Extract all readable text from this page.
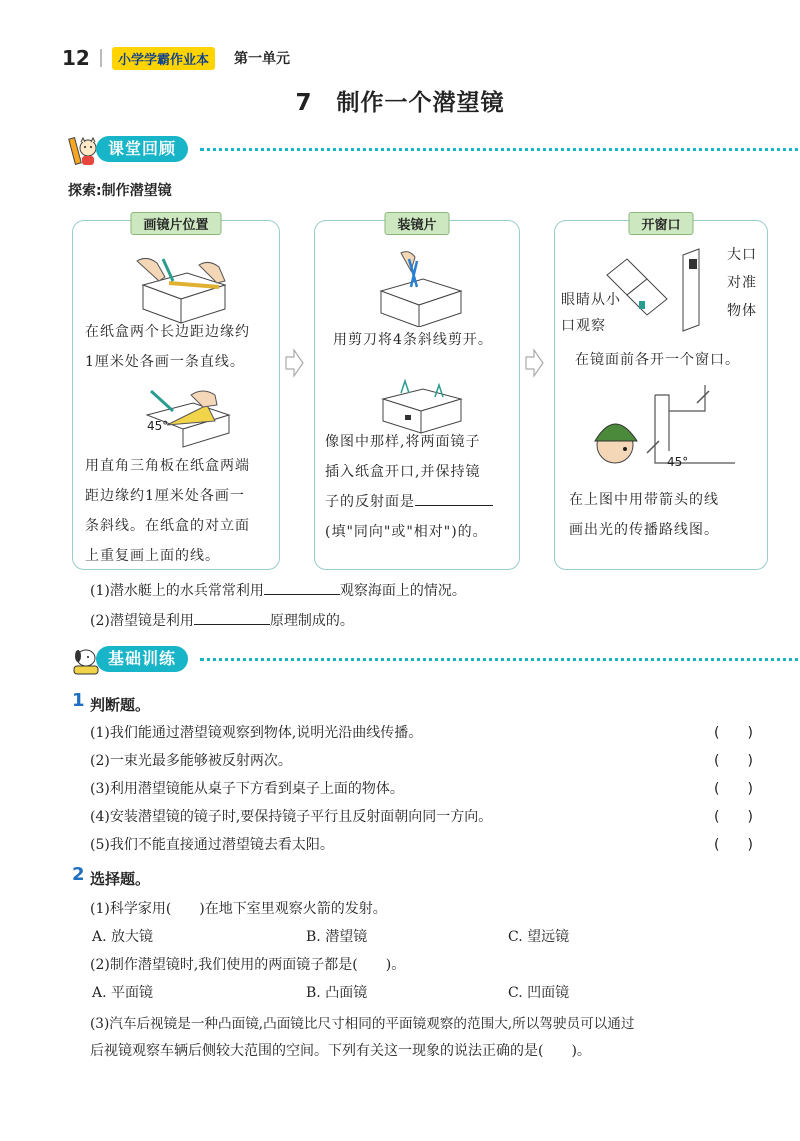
12	小学学霸作业本	第一单元
7　制作一个潜望镜
课堂回顾
探索:制作潜望镜
画镜片位置
在纸盒两个长边距边缘约
1厘米处各画一条直线。
45°
用直角三角板在纸盒两端
距边缘约1厘米处各画一
条斜线。在纸盒的对立面
上重复画上面的线。
装镜片
用剪刀将4条斜线剪开。
像图中那样,将两面镜子
插入纸盒开口,并保持镜
子的反射面是
(填"同向"或"相对")的。
开窗口
眼睛从小
口观察
大口
对准
物体
在镜面前各开一个窗口。
45°
在上图中用带箭头的线
画出光的传播路线图。
(1)潜水艇上的水兵常常利用	观察海面上的情况。
(2)潜望镜是利用	原理制成的。
基础训练
1 判断题。
(1)我们能通过潜望镜观察到物体,说明光沿曲线传播。	(　　)
(2)一束光最多能够被反射两次。	(　　)
(3)利用潜望镜能从桌子下方看到桌子上面的物体。	(　　)
(4)安装潜望镜的镜子时,要保持镜子平行且反射面朝向同一方向。	(　　)
(5)我们不能直接通过潜望镜去看太阳。	(　　)
2 选择题。
(1)科学家用(　　)在地下室里观察火箭的发射。
A. 放大镜	B. 潜望镜	C. 望远镜
(2)制作潜望镜时,我们使用的两面镜子都是(　　)。
A. 平面镜	B. 凸面镜	C. 凹面镜
(3)汽车后视镜是一种凸面镜,凸面镜比尺寸相同的平面镜观察的范围大,所以驾驶员可以通过
后视镜观察车辆后侧较大范围的空间。下列有关这一现象的说法正确的是(　　)。
